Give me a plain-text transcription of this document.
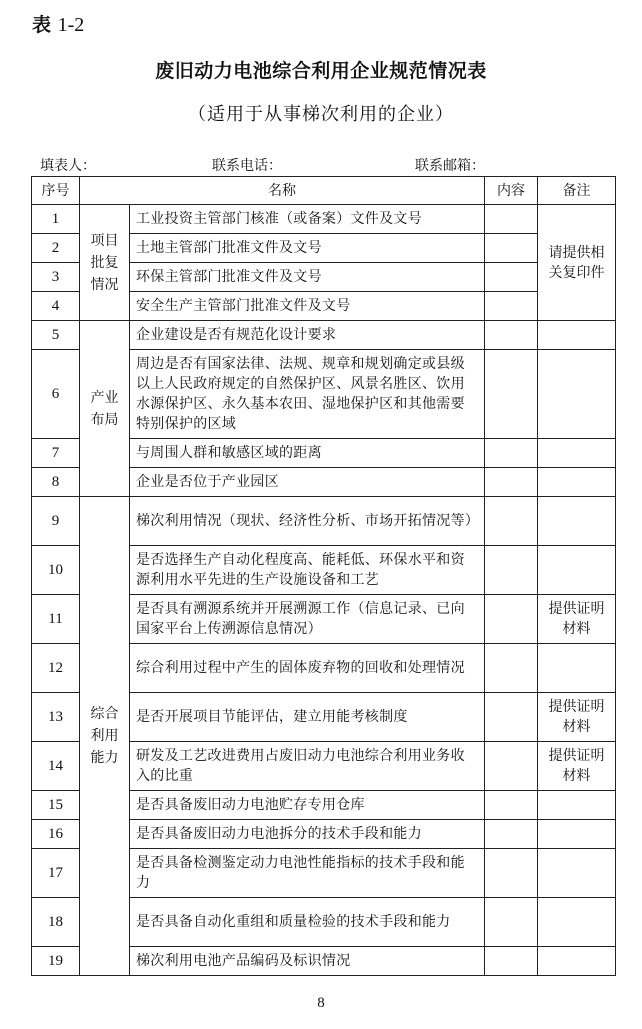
表 1-2
废旧动力电池综合利用企业规范情况表
（适用于从事梯次利用的企业）
填表人：	联系电话：	联系邮箱：
序号	名称		内容	备注
1	项目批复情况	工业投资主管部门核准（或备案）文件及文号		请提供相关复印件
2		土地主管部门批准文件及文号		
3		环保主管部门批准文件及文号		
4		安全生产主管部门批准文件及文号		
5	产业布局	企业建设是否有规范化设计要求		
6		周边是否有国家法律、法规、规章和规划确定或县级以上人民政府规定的自然保护区、风景名胜区、饮用水源保护区、永久基本农田、湿地保护区和其他需要特别保护的区域		
7		与周围人群和敏感区域的距离		
8		企业是否位于产业园区		
9	综合利用能力	梯次利用情况（现状、经济性分析、市场开拓情况等）		
10		是否选择生产自动化程度高、能耗低、环保水平和资源利用水平先进的生产设施设备和工艺		
11		是否具有溯源系统并开展溯源工作（信息记录、已向国家平台上传溯源信息情况）		提供证明材料
12		综合利用过程中产生的固体废弃物的回收和处理情况		
13		是否开展项目节能评估，建立用能考核制度		提供证明材料
14		研发及工艺改进费用占废旧动力电池综合利用业务收入的比重		提供证明材料
15		是否具备废旧动力电池贮存专用仓库		
16		是否具备废旧动力电池拆分的技术手段和能力		
17		是否具备检测鉴定动力电池性能指标的技术手段和能力		
18		是否具备自动化重组和质量检验的技术手段和能力		
19		梯次利用电池产品编码及标识情况		
8
